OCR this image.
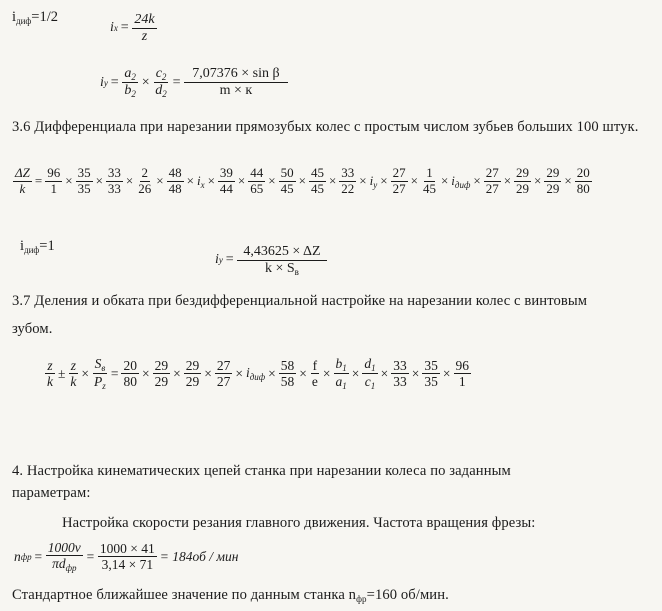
$i_{диф}=1/2$
i $x = \frac{24k}{z}$
i $y = \frac{a_2}{b_2} \times \frac{c_2}{d_2} = \frac{\text{7,07376 × sin β}}{m \times к}$
3.6 Дифференциала при нарезании прямозубых колес с простым числом зубьев больших 100 штук.
$\frac{\Delta Z}{k} = \frac{96}{1} \times \frac{35}{35} \times \frac{33}{33} \times \frac{2}{26} \times \frac{48}{48} \times i_x \times \frac{39}{44} \times \frac{44}{65} \times \frac{50}{45} \times \frac{45}{45} \times \frac{33}{22} \times i_y \times \frac{27}{27} \times \frac{1}{45} \times i_{диф} \times \frac{27}{27} \times \frac{29}{29} \times \frac{29}{29} \times \frac{20}{80}$
$i_{диф}=1$
i $y = \frac{4,43625 \times \Delta Z}{k \times S_в}$
3.7 Деления и обката при бездифференциальной настройке на нарезании колес с винтовым
зубом.
$\frac{z}{k} \pm \frac{z}{k} \times \frac{S_в}{P_z} = \frac{20}{80} \times \frac{29}{29} \times \frac{29}{29} \times \frac{27}{27} \times i_{диф} \times \frac{58}{58} \times \frac{f}{e} \times \frac{b_1}{a_1} \times \frac{d_1}{c_1} \times \frac{33}{33} \times \frac{35}{35} \times \frac{96}{1}$
4. Настройка кинематических цепей станка при нарезании колеса по заданным
параметрам:
Настройка скорости резания главного движения. Частота вращения фрезы:
n фр = $\frac{1000v}{\pi d_{фр}} = \frac{1000 \times 41}{3,14 \times 71} = 184об$ / мин
Стандартное ближайшее значение по данным станка $n_{фр}=160$ об/мин.
